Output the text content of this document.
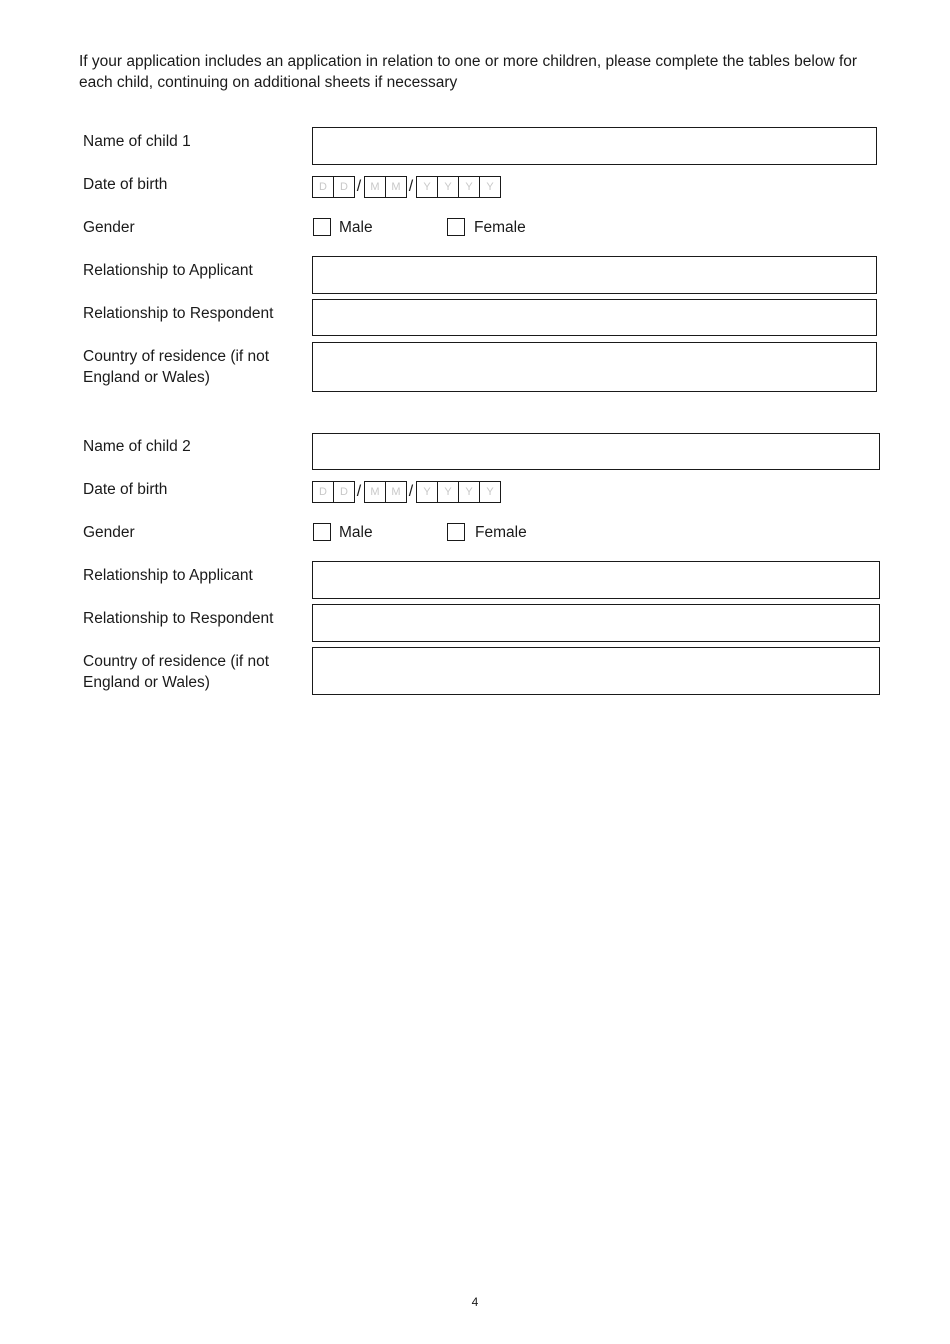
If your application includes an application in relation to one or more children, please complete the tables below for each child, continuing on additional sheets if necessary
Name of child 1
Date of birth	D	D / M	M / Y	Y	Y	Y
Gender	Male	Female
Relationship to Applicant
Relationship to Respondent
Country of residence (if not England or Wales)
Name of child 2
Date of birth	D	D / M	M / Y	Y	Y	Y
Gender	Male	Female
Relationship to Applicant
Relationship to Respondent
Country of residence (if not England or Wales)
4
